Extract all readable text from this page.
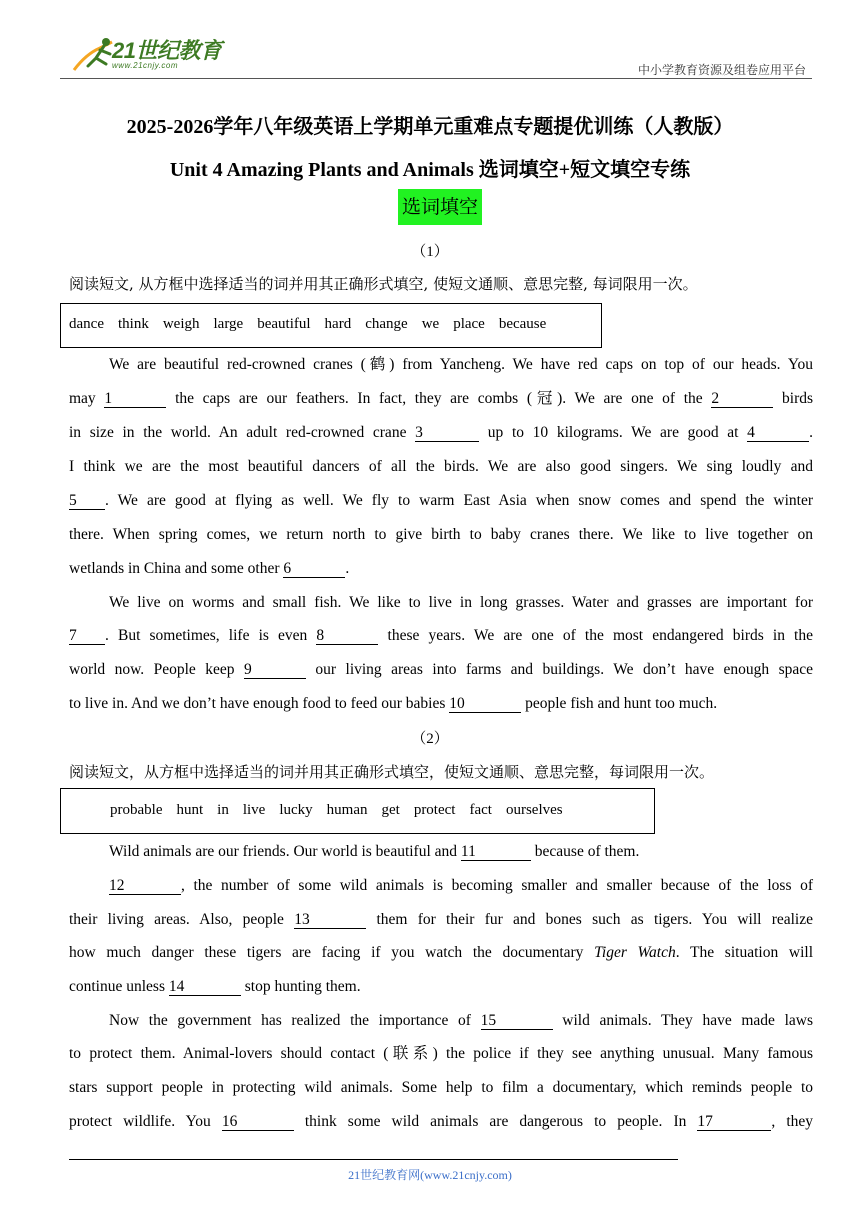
21世纪教育
www.21cnjy.com	中小学教育资源及组卷应用平台
2025-2026学年八年级英语上学期单元重难点专题提优训练（人教版）
Unit 4 Amazing Plants and Animals 选词填空+短文填空专练
选词填空
（1）
阅读短文, 从方框中选择适当的词并用其正确形式填空, 使短文通顺、意思完整, 每词限用一次。
dance think weigh large beautiful hard change we place because
We are beautiful red-crowned cranes (鹤) from Yancheng. We have red caps on top of our heads. You
may 1	the caps are our feathers. In fact, they are combs (冠). We are one of the 2	birds
in size in the world. An adult red-crowned crane 3	up to 10 kilograms. We are good at 4	.
I think we are the most beautiful dancers of all the birds. We are also good singers. We sing loudly and
5 . We are good at flying as well. We fly to warm East Asia when snow comes and spend the winter
there. When spring comes, we return north to give birth to baby cranes there. We like to live together on
wetlands in China and some other 6	.
We live on worms and small fish. We like to live in long grasses. Water and grasses are important for
7 . But sometimes, life is even 8	these years. We are one of the most endangered birds in the
world now. People keep 9	our living areas into farms and buildings. We don’t have enough space
to live in. And we don’t have enough food to feed our babies 10	people fish and hunt too much.
（2）
阅读短文，从方框中选择适当的词并用其正确形式填空，使短文通顺、意思完整，每词限用一次。
probable hunt in live lucky human get protect fact ourselves
Wild animals are our friends. Our world is beautiful and 11	because of them.
12	, the number of some wild animals is becoming smaller and smaller because of the loss of
their living areas. Also, people 13	them for their fur and bones such as tigers. You will realize
how much danger these tigers are facing if you watch the documentary Tiger Watch. The situation will
continue unless 14	stop hunting them.
Now the government has realized the importance of 15	wild animals. They have made laws
to protect them. Animal-lovers should contact (联系) the police if they see anything unusual. Many famous
stars support people in protecting wild animals. Some help to film a documentary, which reminds people to
protect wildlife. You 16	think some wild animals are dangerous to people. In 17	, they
21世纪教育网(www.21cnjy.com)
